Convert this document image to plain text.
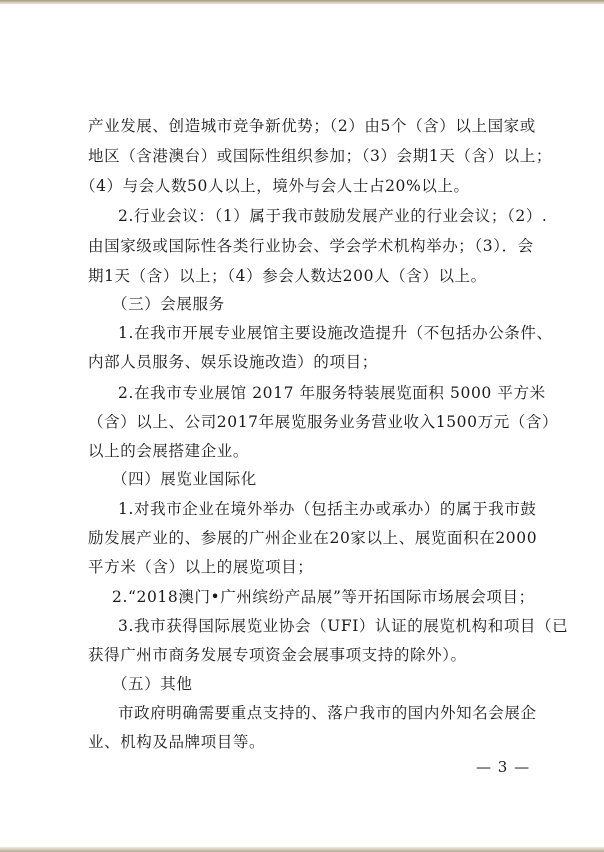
产业发展、创造城市竞争新优势；（2）由5个（含）以上国家或
地区（含港澳台）或国际性组织参加；（3）会期1天（含）以上；
（4）与会人数50人以上，境外与会人士占20%以上。
2.行业会议：（1）属于我市鼓励发展产业的行业会议；（2）.
由国家级或国际性各类行业协会、学会学术机构举办；（3）．会
期1天（含）以上；（4）参会人数达200人（含）以上。
（三）会展服务
1.在我市开展专业展馆主要设施改造提升（不包括办公条件、
内部人员服务、娱乐设施改造）的项目；
2.在我市专业展馆 2017 年服务特装展览面积 5000 平方米
（含）以上、公司2017年展览服务业务营业收入1500万元（含）
以上的会展搭建企业。
（四）展览业国际化
1.对我市企业在境外举办（包括主办或承办）的属于我市鼓
励发展产业的、参展的广州企业在20家以上、展览面积在2000
平方米（含）以上的展览项目；
2.“2018澳门•广州缤纷产品展”等开拓国际市场展会项目；
3.我市获得国际展览业协会（UFI）认证的展览机构和项目（已
获得广州市商务发展专项资金会展事项支持的除外）。
（五）其他
市政府明确需要重点支持的、落户我市的国内外知名会展企
业、机构及品牌项目等。
— 3 —
